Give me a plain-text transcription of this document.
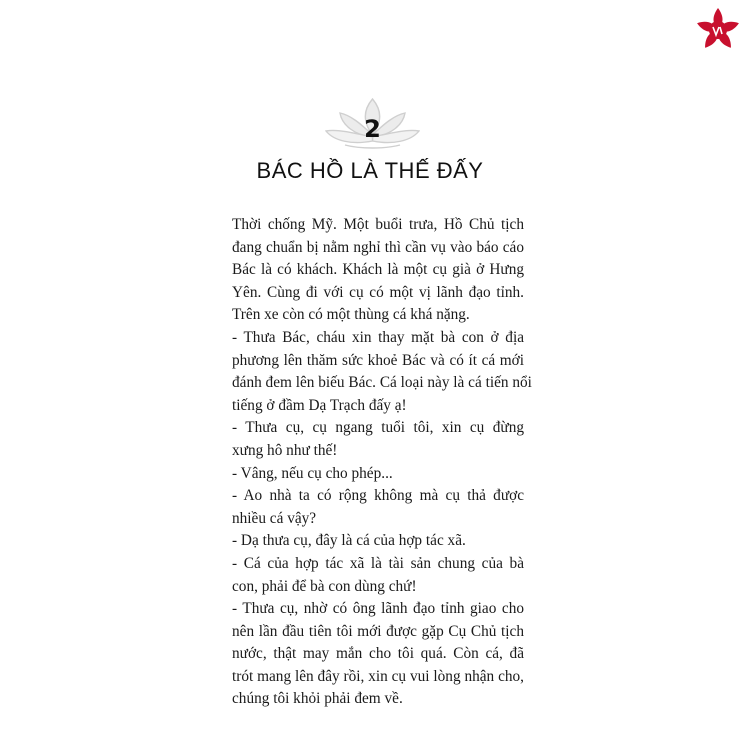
2
BÁC HỒ LÀ THẾ ĐẤY

Thời chống Mỹ. Một buổi trưa, Hồ Chủ tịch
đang chuẩn bị nằm nghỉ thì cần vụ vào báo cáo
Bác là có khách. Khách là một cụ già ở Hưng
Yên. Cùng đi với cụ có một vị lãnh đạo tỉnh.
Trên xe còn có một thùng cá khá nặng.

- Thưa Bác, cháu xin thay mặt bà con ở địa
phương lên thăm sức khoẻ Bác và có ít cá mới
đánh đem lên biếu Bác. Cá loại này là cá tiến nổi
tiếng ở đầm Dạ Trạch đấy ạ!

- Thưa cụ, cụ ngang tuổi tôi, xin cụ đừng
xưng hô như thế!

- Vâng, nếu cụ cho phép...

- Ao nhà ta có rộng không mà cụ thả được
nhiều cá vậy?

- Dạ thưa cụ, đây là cá của hợp tác xã.

- Cá của hợp tác xã là tài sản chung của bà
con, phải để bà con dùng chứ!

- Thưa cụ, nhờ có ông lãnh đạo tỉnh giao cho
nên lần đầu tiên tôi mới được gặp Cụ Chủ tịch
nước, thật may mắn cho tôi quá. Còn cá, đã
trót mang lên đây rồi, xin cụ vui lòng nhận cho,
chúng tôi khỏi phải đem về.
